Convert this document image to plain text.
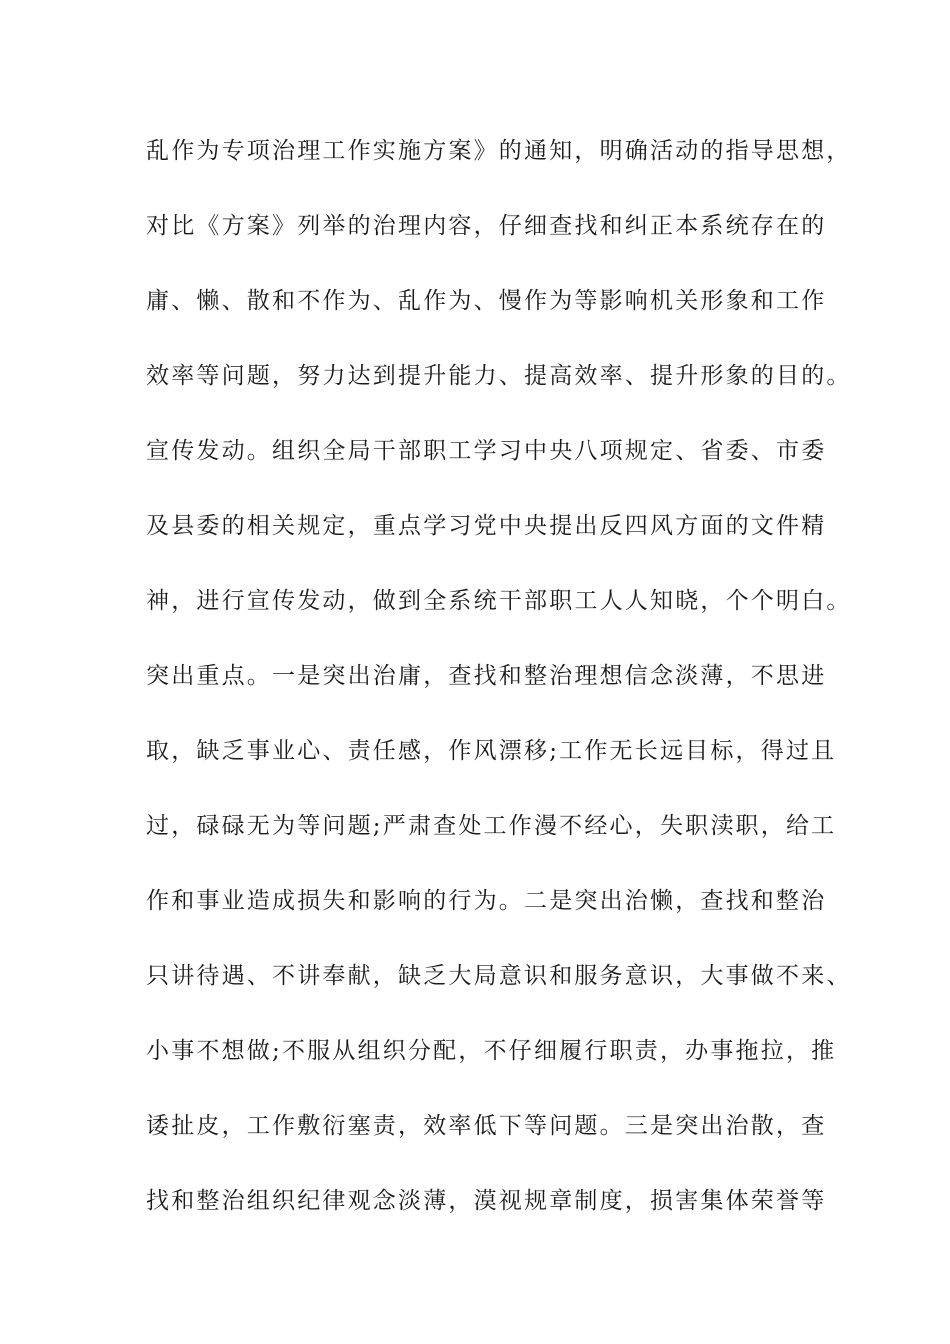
乱作为专项治理工作实施方案》的通知，明确活动的指导思想，
对比《方案》列举的治理内容，仔细查找和纠正本系统存在的
庸、懒、散和不作为、乱作为、慢作为等影响机关形象和工作
效率等问题，努力达到提升能力、提高效率、提升形象的目的。
宣传发动。组织全局干部职工学习中央八项规定、省委、市委
及县委的相关规定，重点学习党中央提出反四风方面的文件精
神，进行宣传发动，做到全系统干部职工人人知晓，个个明白。
突出重点。一是突出治庸，查找和整治理想信念淡薄，不思进
取，缺乏事业心、责任感，作风漂移;工作无长远目标，得过且
过，碌碌无为等问题;严肃查处工作漫不经心，失职渎职，给工
作和事业造成损失和影响的行为。二是突出治懒，查找和整治
只讲待遇、不讲奉献，缺乏大局意识和服务意识，大事做不来、
小事不想做;不服从组织分配，不仔细履行职责，办事拖拉，推
诿扯皮，工作敷衍塞责，效率低下等问题。三是突出治散，查
找和整治组织纪律观念淡薄，漠视规章制度，损害集体荣誉等
